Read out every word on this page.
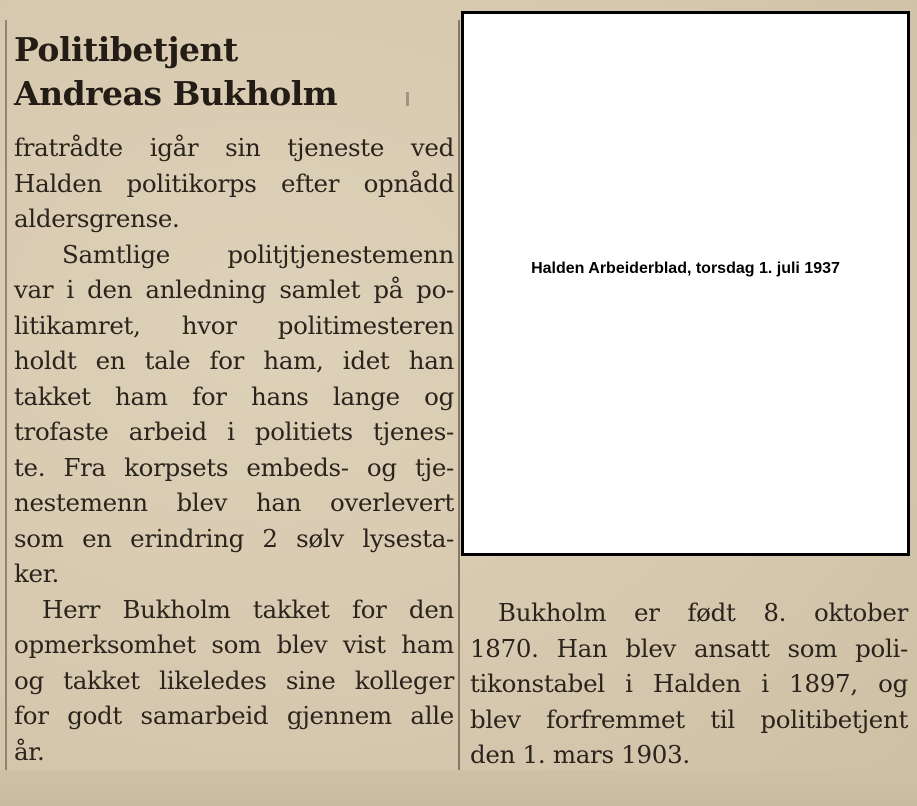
Politibetjent
Andreas Bukholm
fratrådte igår sin tjeneste ved
Halden politikorps efter opnådd
aldersgrense.
Samtlige politjtjenestemenn
var i den anledning samlet på po-
litikamret, hvor politimesteren
holdt en tale for ham, idet han
takket ham for hans lange og
trofaste arbeid i politiets tjenes-
te. Fra korpsets embeds- og tje-
nestemenn blev han overlevert
som en erindring 2 sølv lysesta-
ker.
Herr Bukholm takket for den
opmerksomhet som blev vist ham
og takket likeledes sine kolleger
for godt samarbeid gjennem alle
år.
Halden Arbeiderblad, torsdag 1. juli 1937
Bukholm er født 8. oktober
1870. Han blev ansatt som poli-
tikonstabel i Halden i 1897, og
blev forfremmet til politibetjent
den 1. mars 1903.
